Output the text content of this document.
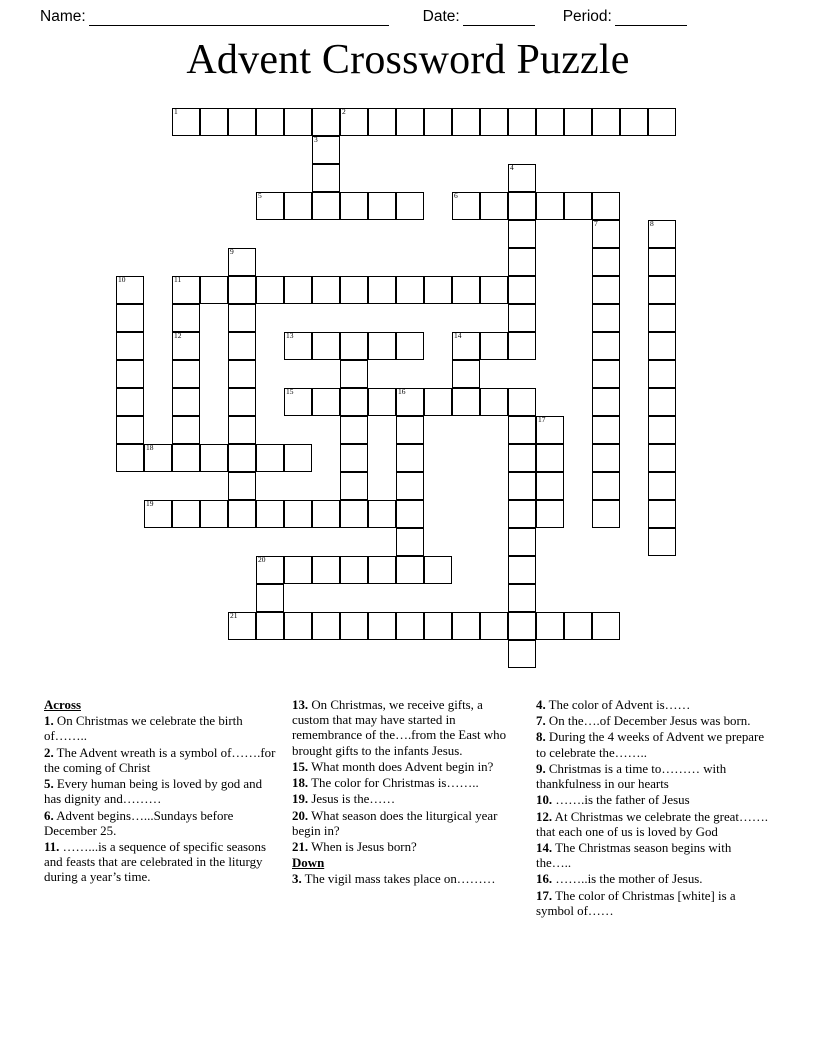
Name:	Date:	Period:
Advent Crossword Puzzle
1	2
3
4
5	6
7	8
9
10	11
12	13	14
15	16
17
18
19
20
21
Across

1. On Christmas we celebrate the birth of……..

2. The Advent wreath is a symbol of…….for the coming of Christ

5. Every human being is loved by god and has dignity and………

6. Advent begins…...Sundays before December 25.

11. ……...is a sequence of specific seasons and feasts that are celebrated in the liturgy during a year’s time.

13. On Christmas, we receive gifts, a custom that may have started in remembrance of the….from the East who brought gifts to the infants Jesus.

15. What month does Advent begin in?

18. The color for Christmas is……..

19. Jesus is the……

20. What season does the liturgical year begin in?

21. When is Jesus born?

Down

3. The vigil mass takes place on………

4. The color of Advent is……

7. On the….of December Jesus was born.

8. During the 4 weeks of Advent we prepare to celebrate the……..

9. Christmas is a time to……… with thankfulness in our hearts

10. …….is the father of Jesus

12. At Christmas we celebrate the great……. that each one of us is loved by God

14. The Christmas season begins with the…..

16. ……..is the mother of Jesus.

17. The color of Christmas [white] is a symbol of……
